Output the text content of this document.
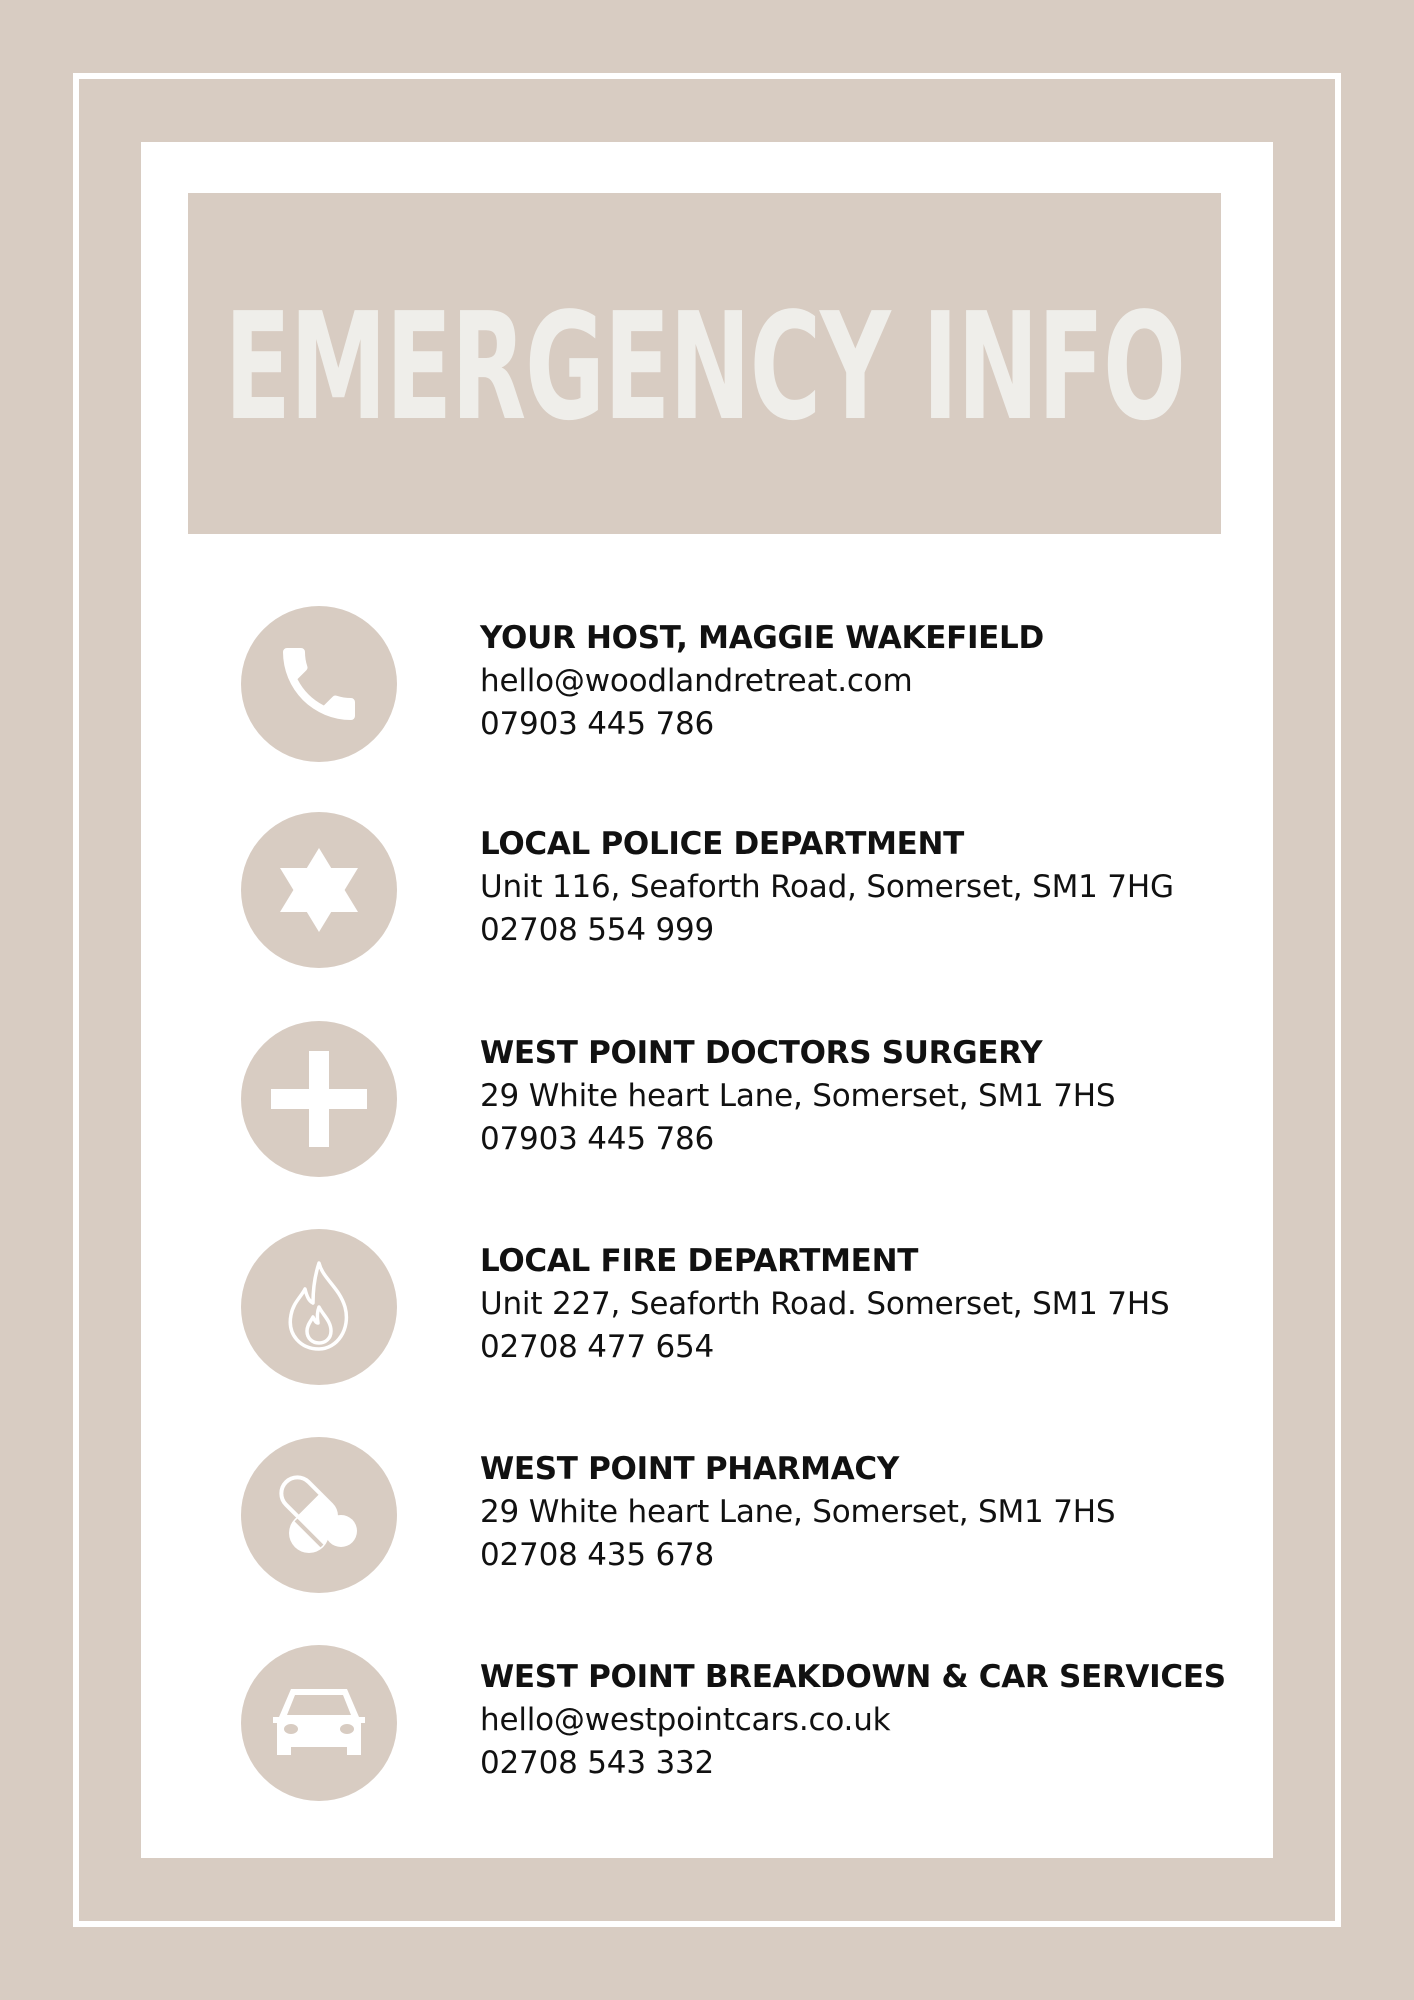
EMERGENCY INFO
YOUR HOST, MAGGIE WAKEFIELD
hello@woodlandretreat.com
07903 445 786
LOCAL POLICE DEPARTMENT
Unit 116, Seaforth Road, Somerset, SM1 7HG
02708 554 999
WEST POINT DOCTORS SURGERY
29 White heart Lane, Somerset, SM1 7HS
07903 445 786
LOCAL FIRE DEPARTMENT
Unit 227, Seaforth Road. Somerset, SM1 7HS
02708 477 654
WEST POINT PHARMACY
29 White heart Lane, Somerset, SM1 7HS
02708 435 678
WEST POINT BREAKDOWN & CAR SERVICES
hello@westpointcars.co.uk
02708 543 332
